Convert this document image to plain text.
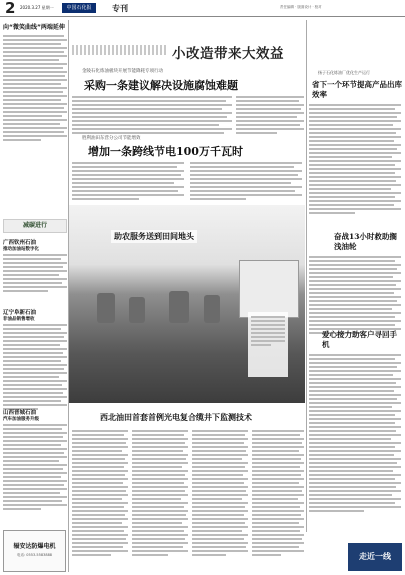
2 2020.3.27 星期一	中国石化报	专刊	责任编辑 · 版面设计 · 校对
向“微笑曲线”两端延伸
减碳进行
广西钦州石油
推动加油站数字化
辽宁阜新石油
非油品销售增收
山西晋城石油
汽车加油服务升级
辐安达防爆电机
电话: 0553-5583888
小改造带来大效益
金陵石化炼油板块开展节能降耗专项行动
采购一条建议解决设施腐蚀难题
胜利油田东营分公司节能增效
增加一条跨线节电100万千瓦时
助农服务送到田间地头
西北油田首套首例光电复合缆井下监测技术
扬子石化炼油厂优化生产运行
省下一个环节提高产品出库效率
奋战13小时救助搁浅油轮
爱心接力助客户寻回手机
走近一线
